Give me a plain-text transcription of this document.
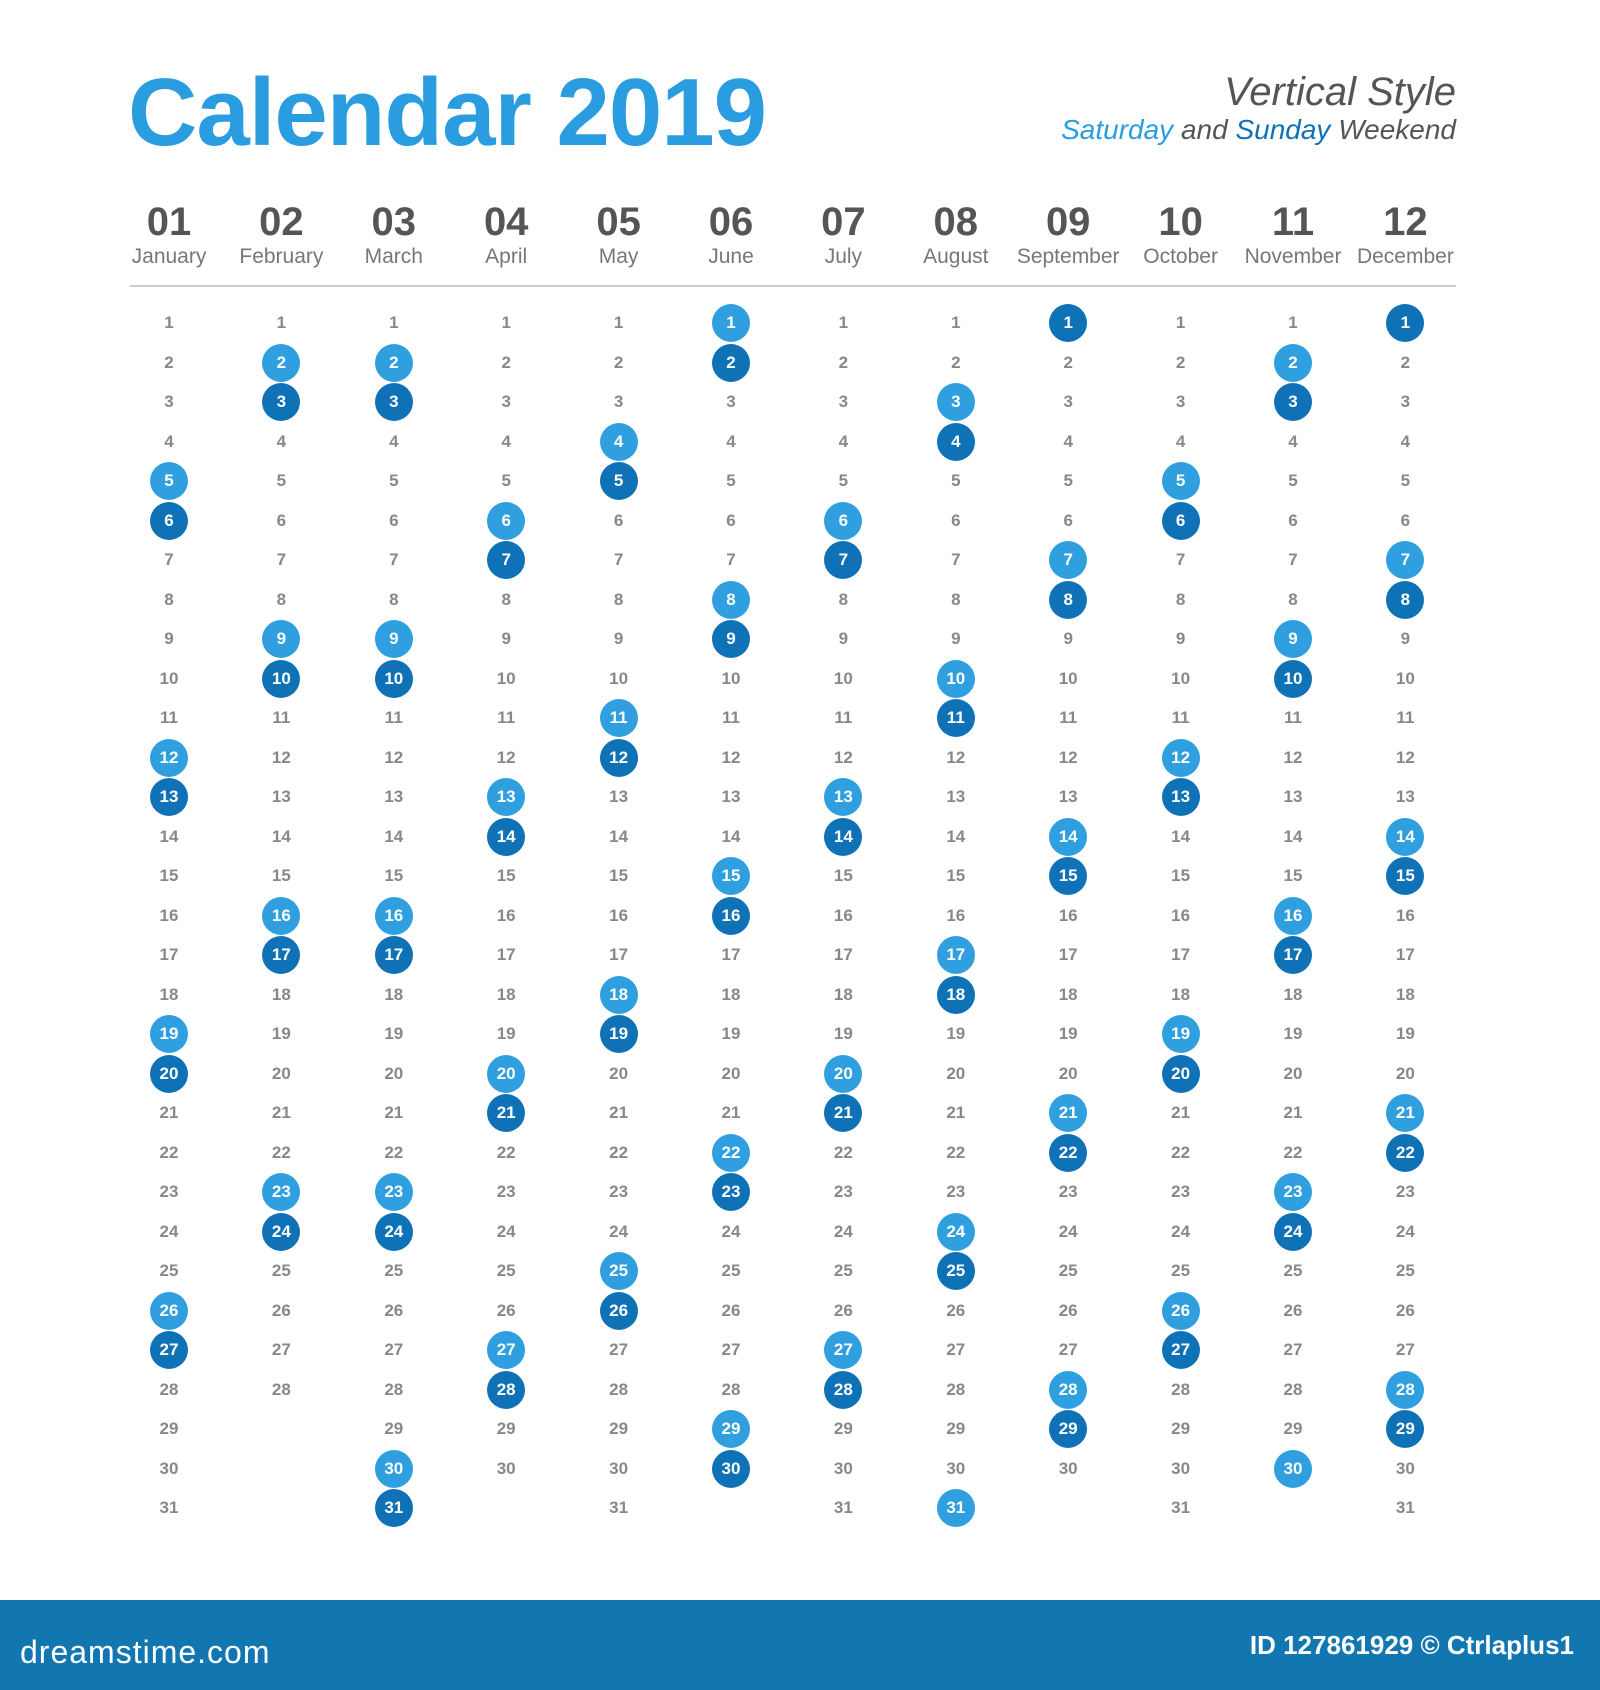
Calendar 2019	Vertical Style
Saturday and Sunday Weekend
01
January
1
2
3
4
5
6
7
8
9
10
11
12
13
14
15
16
17
18
19
20
21
22
23
24
25
26
27
28
29
30
31
02
February
1
2
3
4
5
6
7
8
9
10
11
12
13
14
15
16
17
18
19
20
21
22
23
24
25
26
27
28
03
March
1
2
3
4
5
6
7
8
9
10
11
12
13
14
15
16
17
18
19
20
21
22
23
24
25
26
27
28
29
30
31
04
April
1
2
3
4
5
6
7
8
9
10
11
12
13
14
15
16
17
18
19
20
21
22
23
24
25
26
27
28
29
30
05
May
1
2
3
4
5
6
7
8
9
10
11
12
13
14
15
16
17
18
19
20
21
22
23
24
25
26
27
28
29
30
31
06
June
1
2
3
4
5
6
7
8
9
10
11
12
13
14
15
16
17
18
19
20
21
22
23
24
25
26
27
28
29
30
07
July
1
2
3
4
5
6
7
8
9
10
11
12
13
14
15
16
17
18
19
20
21
22
23
24
25
26
27
28
29
30
31
08
August
1
2
3
4
5
6
7
8
9
10
11
12
13
14
15
16
17
18
19
20
21
22
23
24
25
26
27
28
29
30
31
09
September
1
2
3
4
5
6
7
8
9
10
11
12
13
14
15
16
17
18
19
20
21
22
23
24
25
26
27
28
29
30
10
October
1
2
3
4
5
6
7
8
9
10
11
12
13
14
15
16
17
18
19
20
21
22
23
24
25
26
27
28
29
30
31
11
November
1
2
3
4
5
6
7
8
9
10
11
12
13
14
15
16
17
18
19
20
21
22
23
24
25
26
27
28
29
30
12
December
1
2
3
4
5
6
7
8
9
10
11
12
13
14
15
16
17
18
19
20
21
22
23
24
25
26
27
28
29
30
31
dreamstime.com	ID 127861929 © Ctrlaplus1
